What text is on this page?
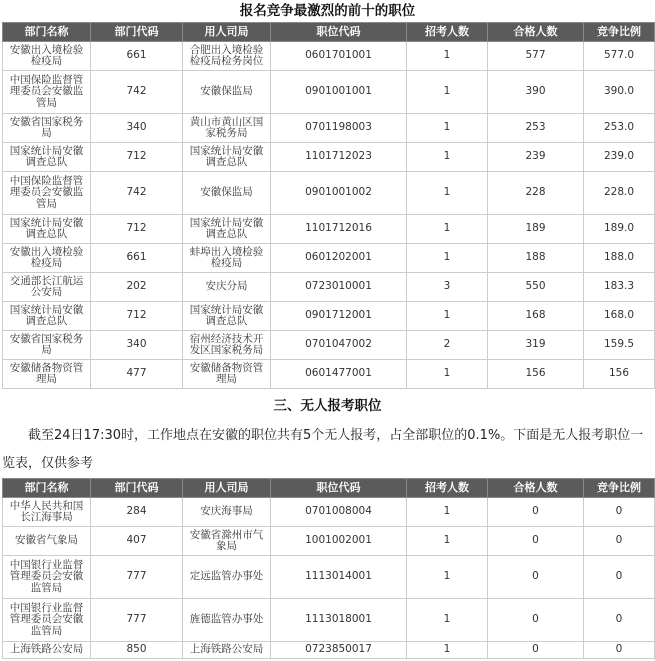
报名竞争最激烈的前十的职位
部门名称	部门代码	用人司局	职位代码	招考人数	合格人数	竞争比例
安徽出入境检验检疫局	661	合肥出入境检验检疫局检务岗位	0601701001	1	577	577.0
中国保险监督管理委员会安徽监管局	742	安徽保监局	0901001001	1	390	390.0
安徽省国家税务局	340	黄山市黄山区国家税务局	0701198003	1	253	253.0
国家统计局安徽调查总队	712	国家统计局安徽调查总队	1101712023	1	239	239.0
中国保险监督管理委员会安徽监管局	742	安徽保监局	0901001002	1	228	228.0
国家统计局安徽调查总队	712	国家统计局安徽调查总队	1101712016	1	189	189.0
安徽出入境检验检疫局	661	蚌埠出入境检验检疫局	0601202001	1	188	188.0
交通部长江航运公安局	202	安庆分局	0723010001	3	550	183.3
国家统计局安徽调查总队	712	国家统计局安徽调查总队	0901712001	1	168	168.0
安徽省国家税务局	340	宿州经济技术开发区国家税务局	0701047002	2	319	159.5
安徽储备物资管理局	477	安徽储备物资管理局	0601477001	1	156	156
三、无人报考职位
截至24日17:30时，工作地点在安徽的职位共有5个无人报考，占全部职位的0.1%。下面是无人报考职位一览表，仅供参考
部门名称	部门代码	用人司局	职位代码	招考人数	合格人数	竞争比例
中华人民共和国长江海事局	284	安庆海事局	0701008004	1	0	0
安徽省气象局	407	安徽省滁州市气象局	1001002001	1	0	0
中国银行业监督管理委员会安徽监管局	777	定远监管办事处	1113014001	1	0	0
中国银行业监督管理委员会安徽监管局	777	旌德监管办事处	1113018001	1	0	0
上海铁路公安局	850	上海铁路公安局	0723850017	1	0	0
